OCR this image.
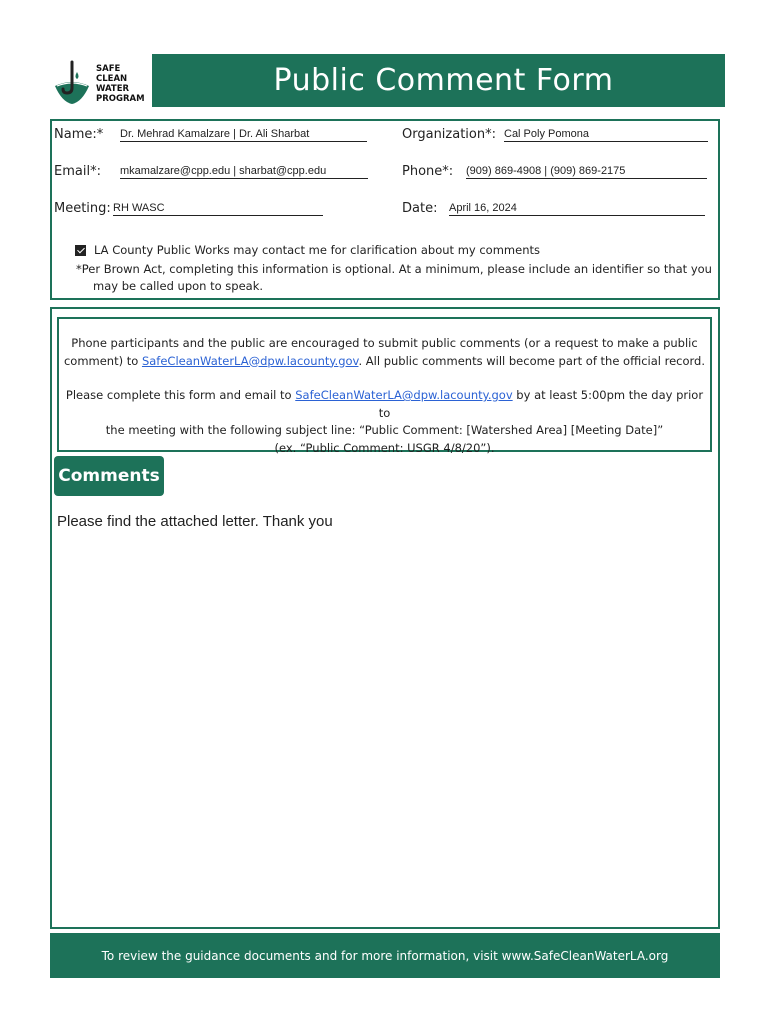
SAFE
CLEAN
WATER
PROGRAM
Public Comment Form
Name:*	Dr. Mehrad Kamalzare | Dr. Ali Sharbat	Organization*: Cal Poly Pomona
Email*:	mkamalzare@cpp.edu | sharbat@cpp.edu	Phone*:	(909) 869-4908 | (909) 869-2175
Meeting: RH WASC	Date:	April 16, 2024
LA County Public Works may contact me for clarification about my comments
*Per Brown Act, completing this information is optional. At a minimum, please include an identifier so that you
may be called upon to speak.

Phone participants and the public are encouraged to submit public comments (or a request to make a public

comment) to SafeCleanWaterLA@dpw.lacounty.gov. All public comments will become part of the official record.

Please complete this form and email to SafeCleanWaterLA@dpw.lacounty.gov by at least 5:00pm the day prior to

the meeting with the following subject line: “Public Comment: [Watershed Area] [Meeting Date]”

(ex. “Public Comment: USGR 4/8/20”).

Comments
Please find the attached letter. Thank you
To review the guidance documents and for more information, visit www.SafeCleanWaterLA.org
